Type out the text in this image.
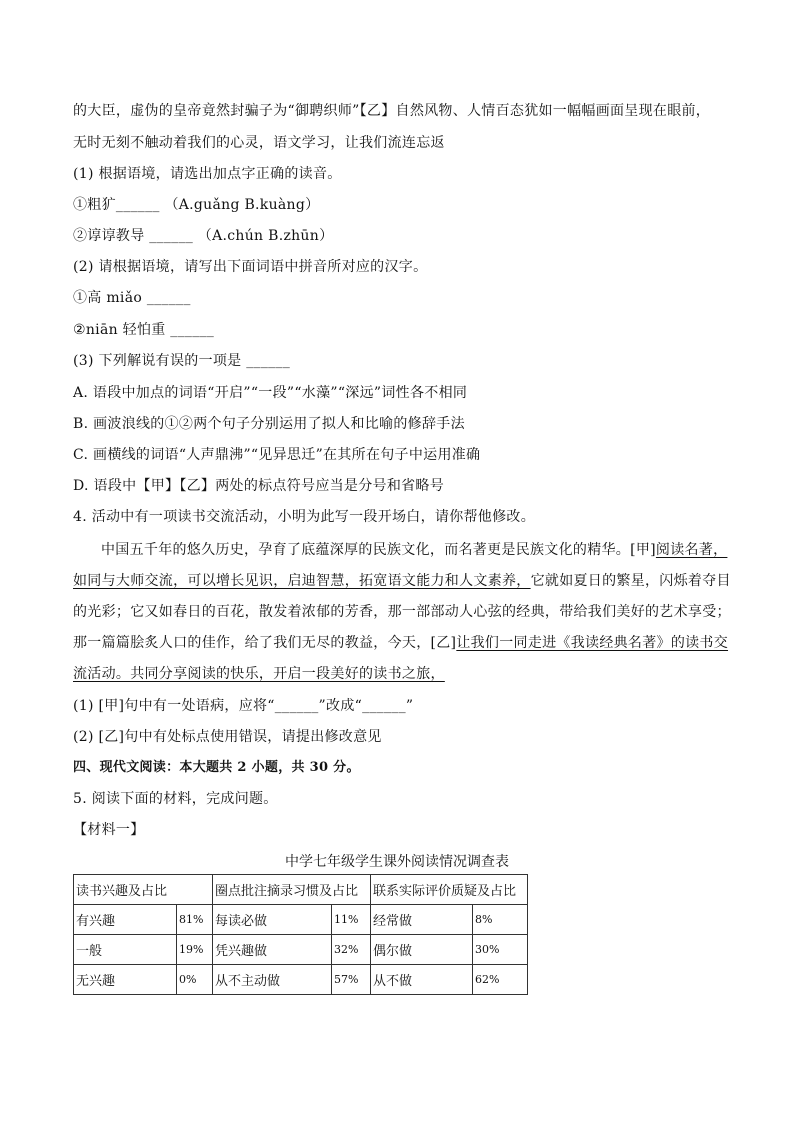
的大臣，虚伪的皇帝竟然封骗子为“御聘织师”【乙】自然风物、人情百态犹如一幅幅画面呈现在眼前，
无时无刻不触动着我们的心灵，语文学习，让我们流连忘返
(1) 根据语境，请选出加点字正确的读音。
①粗犷______ （A.guǎng B.kuàng）
②谆谆教导 ______ （A.chún B.zhūn）
(2) 请根据语境，请写出下面词语中拼音所对应的汉字。
①高 miǎo ______
②niān 轻怕重 ______
(3) 下列解说有误的一项是 ______
A. 语段中加点的词语“开启”“一段”“水藻”“深远”词性各不相同
B. 画波浪线的①②两个句子分别运用了拟人和比喻的修辞手法
C. 画横线的词语“人声鼎沸”“见异思迁”在其所在句子中运用准确
D. 语段中【甲】【乙】两处的标点符号应当是分号和省略号
4. 活动中有一项读书交流活动，小明为此写一段开场白，请你帮他修改。
中国五千年的悠久历史，孕育了底蕴深厚的民族文化，而名著更是民族文化的精华。[甲]阅读名著，
如同与大师交流，可以增长见识，启迪智慧，拓宽语文能力和人文素养，它就如夏日的繁星，闪烁着夺目
的光彩；它又如春日的百花，散发着浓郁的芳香，那一部部动人心弦的经典，带给我们美好的艺术享受；
那一篇篇脍炙人口的佳作，给了我们无尽的教益，今天，[乙]让我们一同走进《我读经典名著》的读书交
流活动。共同分享阅读的快乐，开启一段美好的读书之旅，
(1) [甲]句中有一处语病，应将“______”改成“______”
(2) [乙]句中有处标点使用错误，请提出修改意见
四、现代文阅读：本大题共 2 小题，共 30 分。
5. 阅读下面的材料，完成问题。
【材料一】
中学七年级学生课外阅读情况调查表
读书兴趣及占比		圈点批注摘录习惯及占比		联系实际评价质疑及占比	
有兴趣	81%	每读必做	11%	经常做	8%
一般	19%	凭兴趣做	32%	偶尔做	30%
无兴趣	0%	从不主动做	57%	从不做	62%
